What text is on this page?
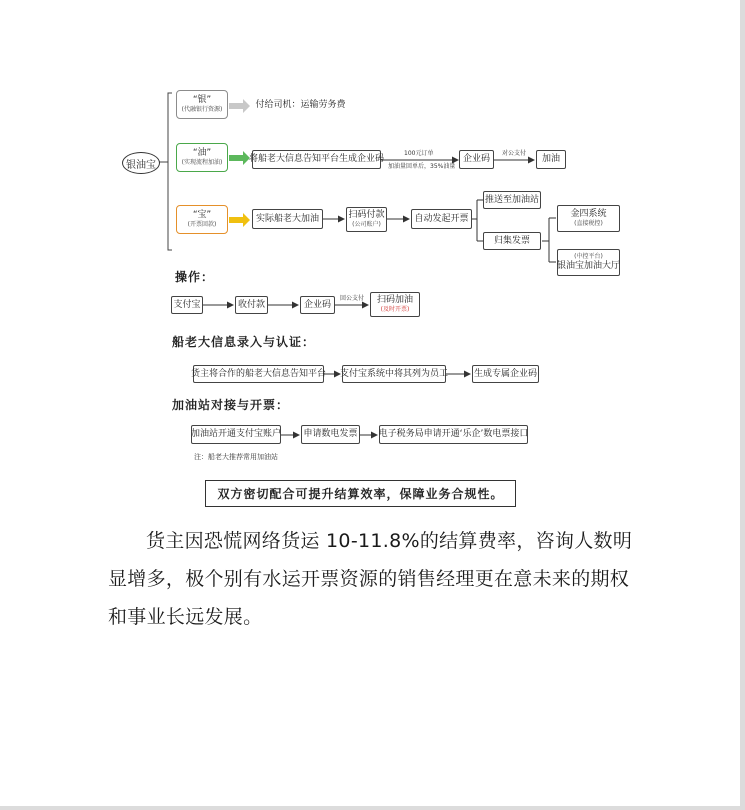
银油宝
“银”
(代融银行资源)	付给司机：运输劳务费
“油”
(实现流程加油)	将船老大信息告知平台生成企业码
100元订单
加油量回单后，35%油量
企业码
对公支付
加油
“宝”
(开票回款)
实际船老大加油	扫码付款
(公司账户)
自动发起开票
推送至加油站
归集发票
金四系统
(直接税控)
(中控平台)
银油宝加油大厅
操作：
支付宝	收付款	企业码
回公支付 扫码加油
(及时开票)
船老大信息录入与认证：
货主将合作的船老大信息告知平台 支付宝系统中将其列为员工	生成专属企业码
加油站对接与开票：
加油站开通支付宝账户 申请数电发票 电子税务局申请开通‘乐企’数电票接口
注：船老大推荐常用加油站
双方密切配合可提升结算效率，保障业务合规性。
货主因恐慌网络货运 10-11.8%的结算费率，咨询人数明显增多，极个别有水运开票资源的销售经理更在意未来的期权和事业长远发展。
